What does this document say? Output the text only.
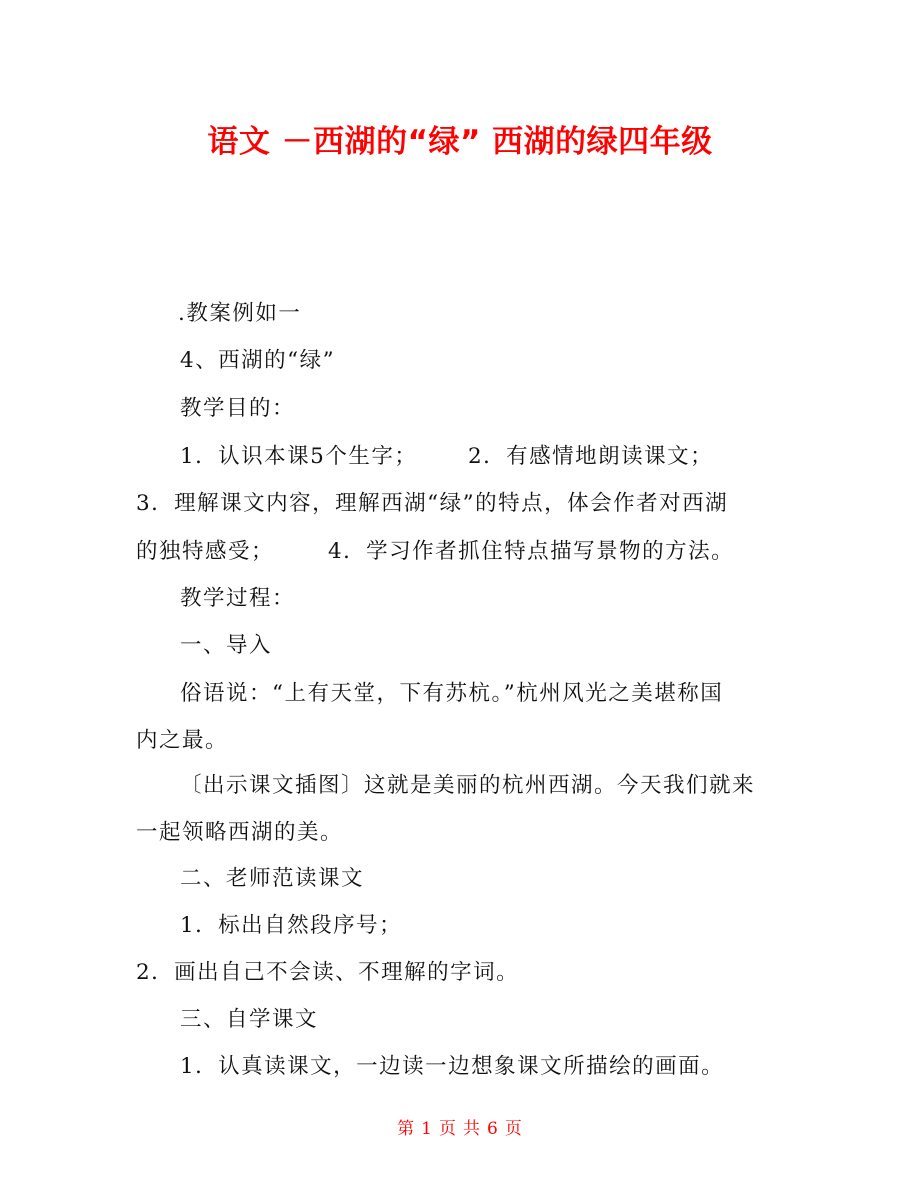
语文 －西湖的“绿” 西湖的绿四年级
.教案例如一
4、西湖的“绿”
教学目的：
1．认识本课5个生字； 2．有感情地朗读课文；
3．理解课文内容，理解西湖“绿”的特点，体会作者对西湖
的独特感受；	4．学习作者抓住特点描写景物的方法。
教学过程：
一、导入
俗语说：“上有天堂，下有苏杭。”杭州风光之美堪称国
内之最。
〔出示课文插图〕这就是美丽的杭州西湖。今天我们就来
一起领略西湖的美。
二、老师范读课文
1．标出自然段序号；
2．画出自己不会读、不理解的字词。
三、自学课文
1．认真读课文，一边读一边想象课文所描绘的画面。
第 1 页 共 6 页
